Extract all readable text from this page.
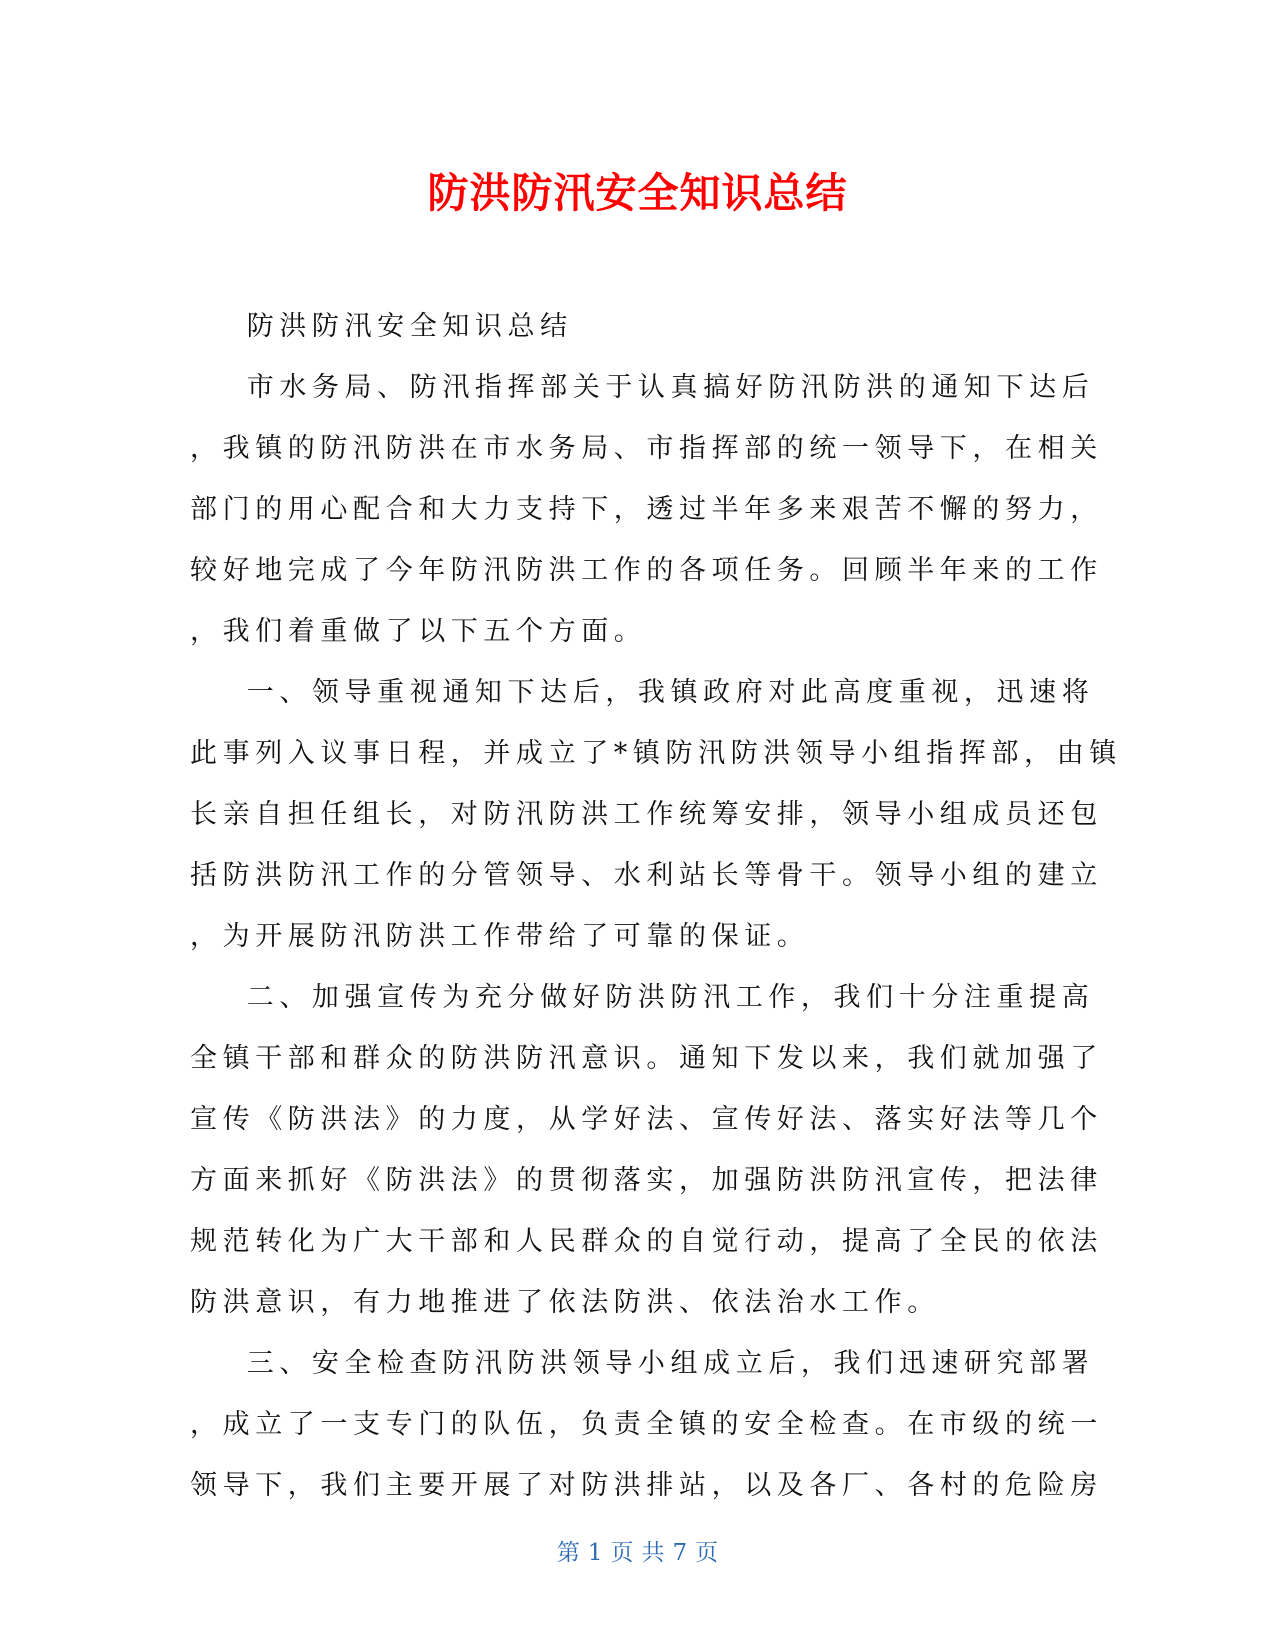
防洪防汛安全知识总结
防洪防汛安全知识总结
市水务局、防汛指挥部关于认真搞好防汛防洪的通知下达后
，我镇的防汛防洪在市水务局、市指挥部的统一领导下，在相关
部门的用心配合和大力支持下，透过半年多来艰苦不懈的努力，
较好地完成了今年防汛防洪工作的各项任务。回顾半年来的工作
，我们着重做了以下五个方面。
一、领导重视通知下达后，我镇政府对此高度重视，迅速将
此事列入议事日程，并成立了*镇防汛防洪领导小组指挥部，由镇
长亲自担任组长，对防汛防洪工作统筹安排，领导小组成员还包
括防洪防汛工作的分管领导、水利站长等骨干。领导小组的建立
，为开展防汛防洪工作带给了可靠的保证。
二、加强宣传为充分做好防洪防汛工作，我们十分注重提高
全镇干部和群众的防洪防汛意识。通知下发以来，我们就加强了
宣传《防洪法》的力度，从学好法、宣传好法、落实好法等几个
方面来抓好《防洪法》的贯彻落实，加强防洪防汛宣传，把法律
规范转化为广大干部和人民群众的自觉行动，提高了全民的依法
防洪意识，有力地推进了依法防洪、依法治水工作。
三、安全检查防汛防洪领导小组成立后，我们迅速研究部署
，成立了一支专门的队伍，负责全镇的安全检查。在市级的统一
领导下，我们主要开展了对防洪排站，以及各厂、各村的危险房
第 1 页 共 7 页
